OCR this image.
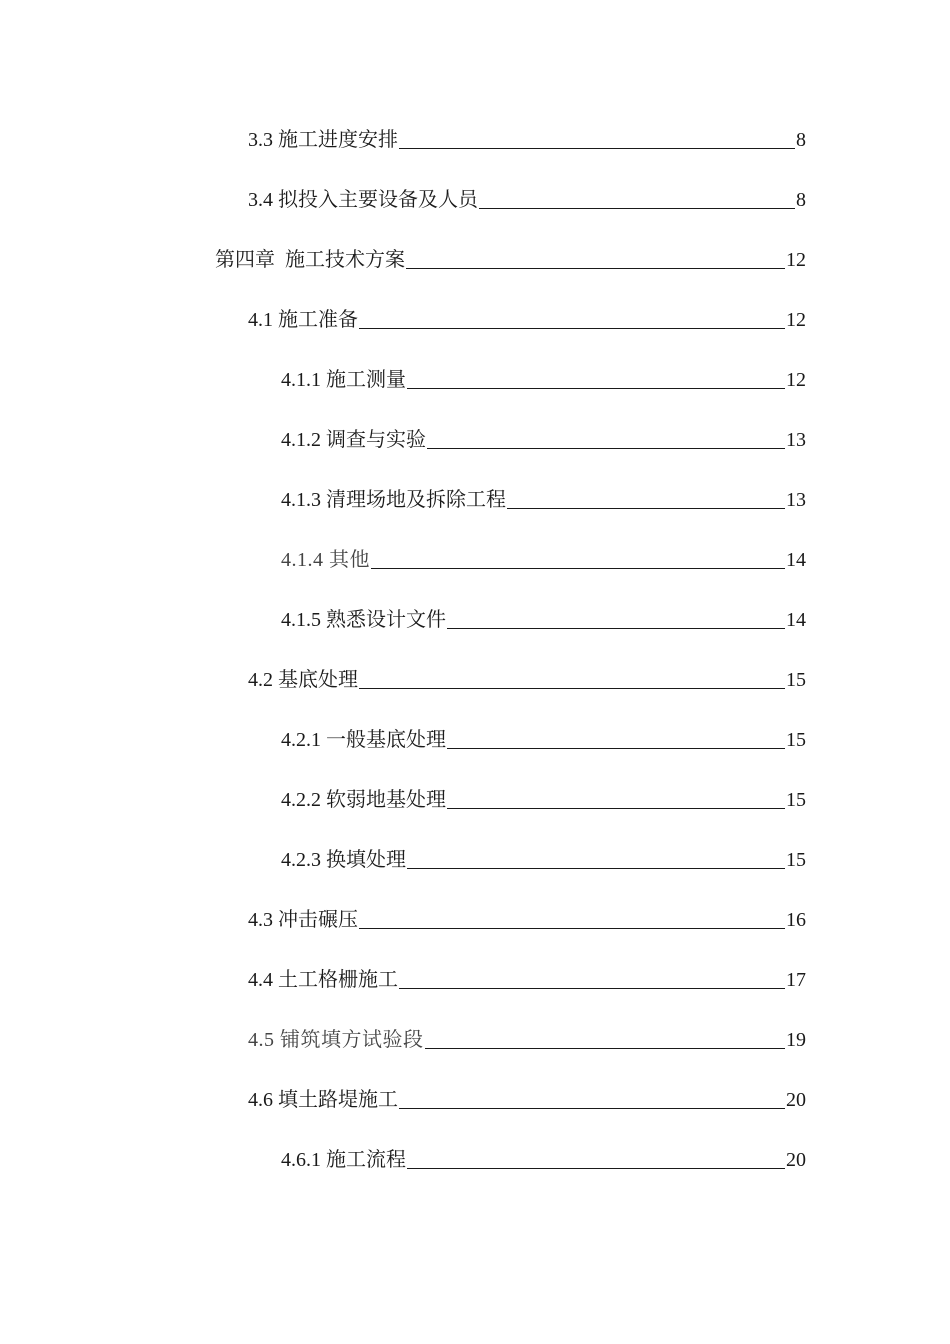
3.3 施工进度安排	8
3.4 拟投入主要设备及人员	8
第四章  施工技术方案	12
4.1 施工准备	12
4.1.1 施工测量	12
4.1.2 调查与实验	13
4.1.3 清理场地及拆除工程	13
4.1.4 其他	14
4.1.5 熟悉设计文件	14
4.2 基底处理	15
4.2.1 一般基底处理	15
4.2.2 软弱地基处理	15
4.2.3 换填处理	15
4.3 冲击碾压	16
4.4 土工格栅施工	17
4.5 铺筑填方试验段	19
4.6 填土路堤施工	20
4.6.1 施工流程	20
